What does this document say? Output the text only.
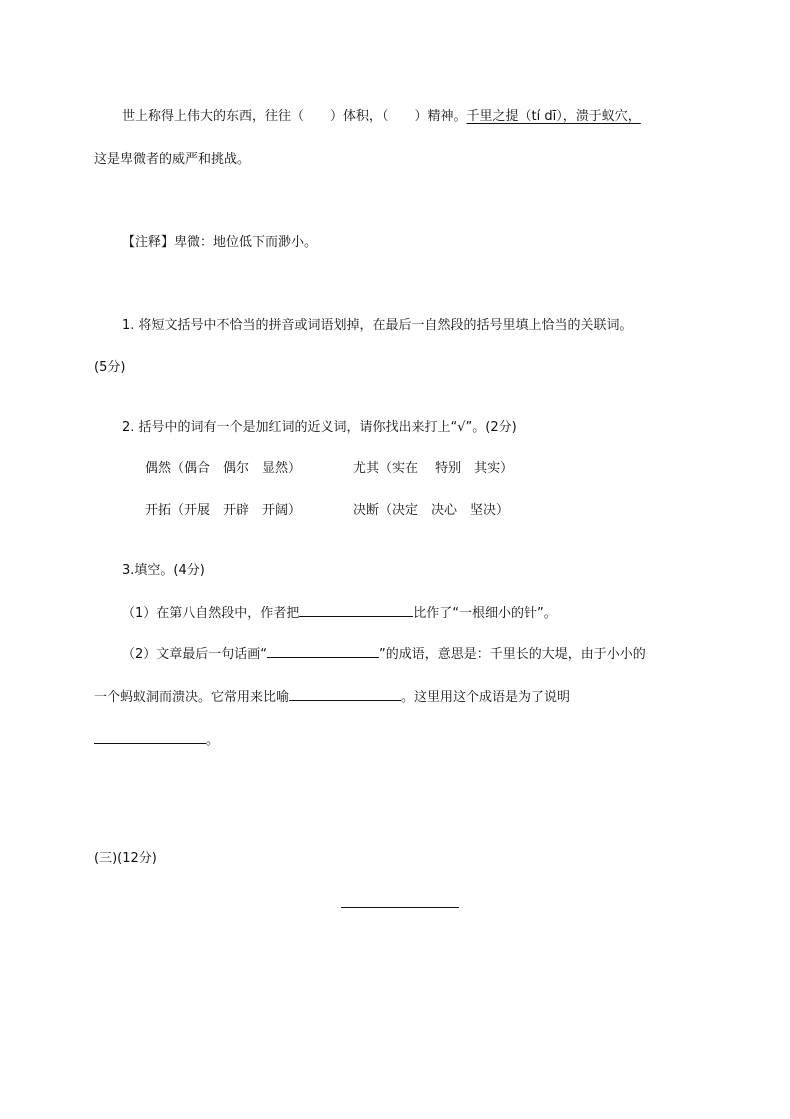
世上称得上伟大的东西，往往（　　）体积，（　　）精神。千里之提（tí dī），溃于蚁穴，
这是卑微者的威严和挑战。
【注释】卑微：地位低下而渺小。
1. 将短文括号中不恰当的拼音或词语划掉，在最后一自然段的括号里填上恰当的关联词。
(5分)
2. 括号中的词有一个是加红词的近义词，请你找出来打上“√”。(2分)
偶然（偶合　偶尔　显然）	尤其（实在　 特别　其实）
开拓（开展　开辟　开阔）	决断（决定　决心　坚决）
3.填空。(4分)
（1）在第八自然段中，作者把	比作了“一根细小的针”。
（2）文章最后一句话画“	”的成语，意思是：千里长的大堤，由于小小的
一个蚂蚁洞而溃决。它常用来比喻	。这里用这个成语是为了说明
。
(三)(12分)
